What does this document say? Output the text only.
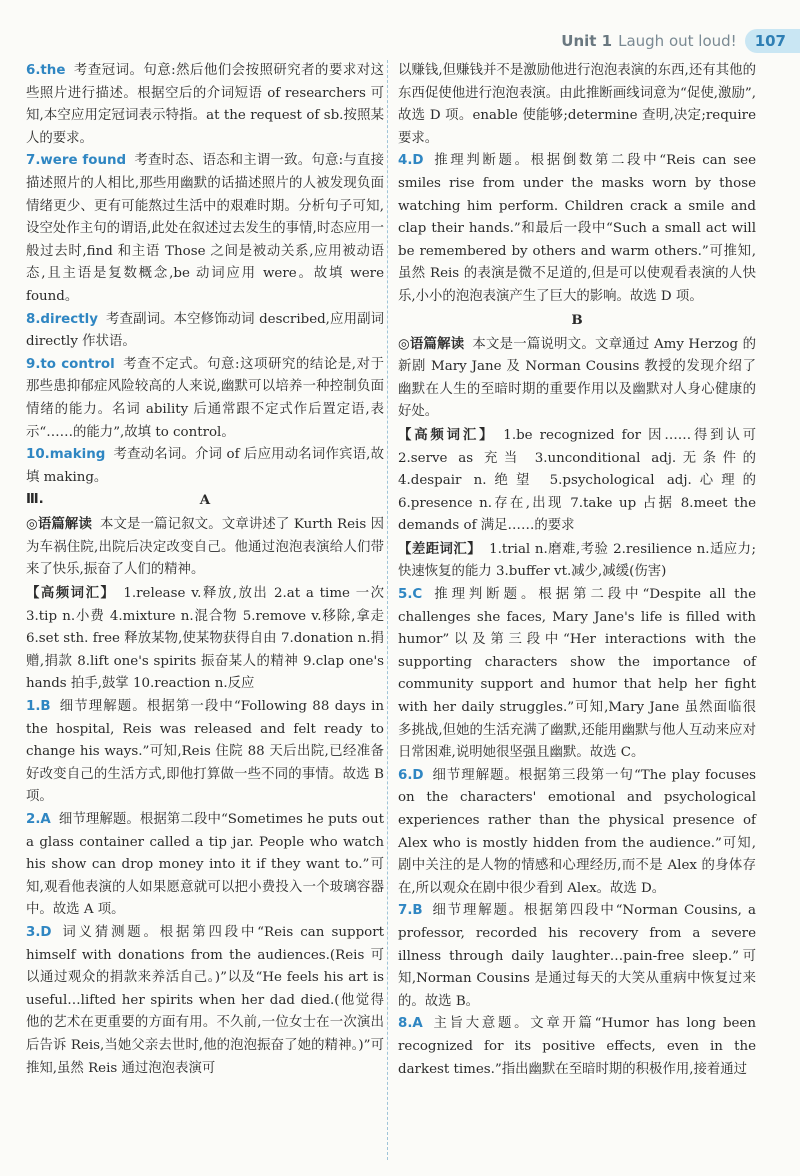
Unit 1 Laugh out loud!	107

6.the 考查冠词。句意:然后他们会按照研究者的要求对这些照片进行描述。根据空后的介词短语 of researchers 可知,本空应用定冠词表示特指。at the request of sb.按照某人的要求。

7.were found 考查时态、语态和主谓一致。句意:与直接描述照片的人相比,那些用幽默的话描述照片的人被发现负面情绪更少、更有可能熬过生活中的艰难时期。分析句子可知,设空处作主句的谓语,此处在叙述过去发生的事情,时态应用一般过去时,find 和主语 Those 之间是被动关系,应用被动语态,且主语是复数概念,be 动词应用 were。故填 were found。

8.directly 考查副词。本空修饰动词 described,应用副词 directly 作状语。

9.to control 考查不定式。句意:这项研究的结论是,对于那些患抑郁症风险较高的人来说,幽默可以培养一种控制负面情绪的能力。名词 ability 后通常跟不定式作后置定语,表示“……的能力”,故填 to control。

10.making 考查动名词。介词 of 后应用动名词作宾语,故填 making。

Ⅲ.	A

◎语篇解读 本文是一篇记叙文。文章讲述了 Kurth Reis 因为车祸住院,出院后决定改变自己。他通过泡泡表演给人们带来了快乐,振奋了人们的精神。

【高频词汇】 1.release v.释放,放出 2.at a time 一次 3.tip n.小费 4.mixture n.混合物 5.remove v.移除,拿走 6.set sth. free 释放某物,使某物获得自由 7.donation n.捐赠,捐款 8.lift one's spirits 振奋某人的精神 9.clap one's hands 拍手,鼓掌 10.reaction n.反应

1.B 细节理解题。根据第一段中“Following 88 days in the hospital, Reis was released and felt ready to change his ways.”可知,Reis 住院 88 天后出院,已经准备好改变自己的生活方式,即他打算做一些不同的事情。故选 B 项。

2.A 细节理解题。根据第二段中“Sometimes he puts out a glass container called a tip jar. People who watch his show can drop money into it if they want to.”可知,观看他表演的人如果愿意就可以把小费投入一个玻璃容器中。故选 A 项。

3.D 词义猜测题。根据第四段中“Reis can support himself with donations from the audiences.(Reis 可以通过观众的捐款来养活自己。)”以及“He feels his art is useful…lifted her spirits when her dad died.(他觉得他的艺术在更重要的方面有用。不久前,一位女士在一次演出后告诉 Reis,当她父亲去世时,他的泡泡振奋了她的精神。)”可推知,虽然 Reis 通过泡泡表演可

以赚钱,但赚钱并不是激励他进行泡泡表演的东西,还有其他的东西促使他进行泡泡表演。由此推断画线词意为“促使,激励”,故选 D 项。enable 使能够;determine 查明,决定;require 要求。

4.D 推理判断题。根据倒数第二段中“Reis can see smiles rise from under the masks worn by those watching him perform. Children crack a smile and clap their hands.”和最后一段中“Such a small act will be remembered by others and warm others.”可推知,虽然 Reis 的表演是微不足道的,但是可以使观看表演的人快乐,小小的泡泡表演产生了巨大的影响。故选 D 项。

B

◎语篇解读 本文是一篇说明文。文章通过 Amy Herzog 的新剧 Mary Jane 及 Norman Cousins 教授的发现介绍了幽默在人生的至暗时期的重要作用以及幽默对人身心健康的好处。

【高频词汇】 1.be recognized for 因……得到认可 2.serve as 充当 3.unconditional adj.无条件的 4.despair n.绝望 5.psychological adj.心理的 6.presence n.存在,出现 7.take up 占据 8.meet the demands of 满足……的要求

【差距词汇】 1.trial n.磨难,考验 2.resilience n.适应力;快速恢复的能力 3.buffer vt.减少,减缓(伤害)

5.C 推理判断题。根据第二段中“Despite all the challenges she faces, Mary Jane's life is filled with humor”以及第三段中“Her interactions with the supporting characters show the importance of community support and humor that help her fight with her daily struggles.”可知,Mary Jane 虽然面临很多挑战,但她的生活充满了幽默,还能用幽默与他人互动来应对日常困难,说明她很坚强且幽默。故选 C。

6.D 细节理解题。根据第三段第一句“The play focuses on the characters' emotional and psychological experiences rather than the physical presence of Alex who is mostly hidden from the audience.”可知,剧中关注的是人物的情感和心理经历,而不是 Alex 的身体存在,所以观众在剧中很少看到 Alex。故选 D。

7.B 细节理解题。根据第四段中“Norman Cousins, a professor, recorded his recovery from a severe illness through daily laughter…pain-free sleep.”可知,Norman Cousins 是通过每天的大笑从重病中恢复过来的。故选 B。

8.A 主旨大意题。文章开篇“Humor has long been recognized for its positive effects, even in the darkest times.”指出幽默在至暗时期的积极作用,接着通过
